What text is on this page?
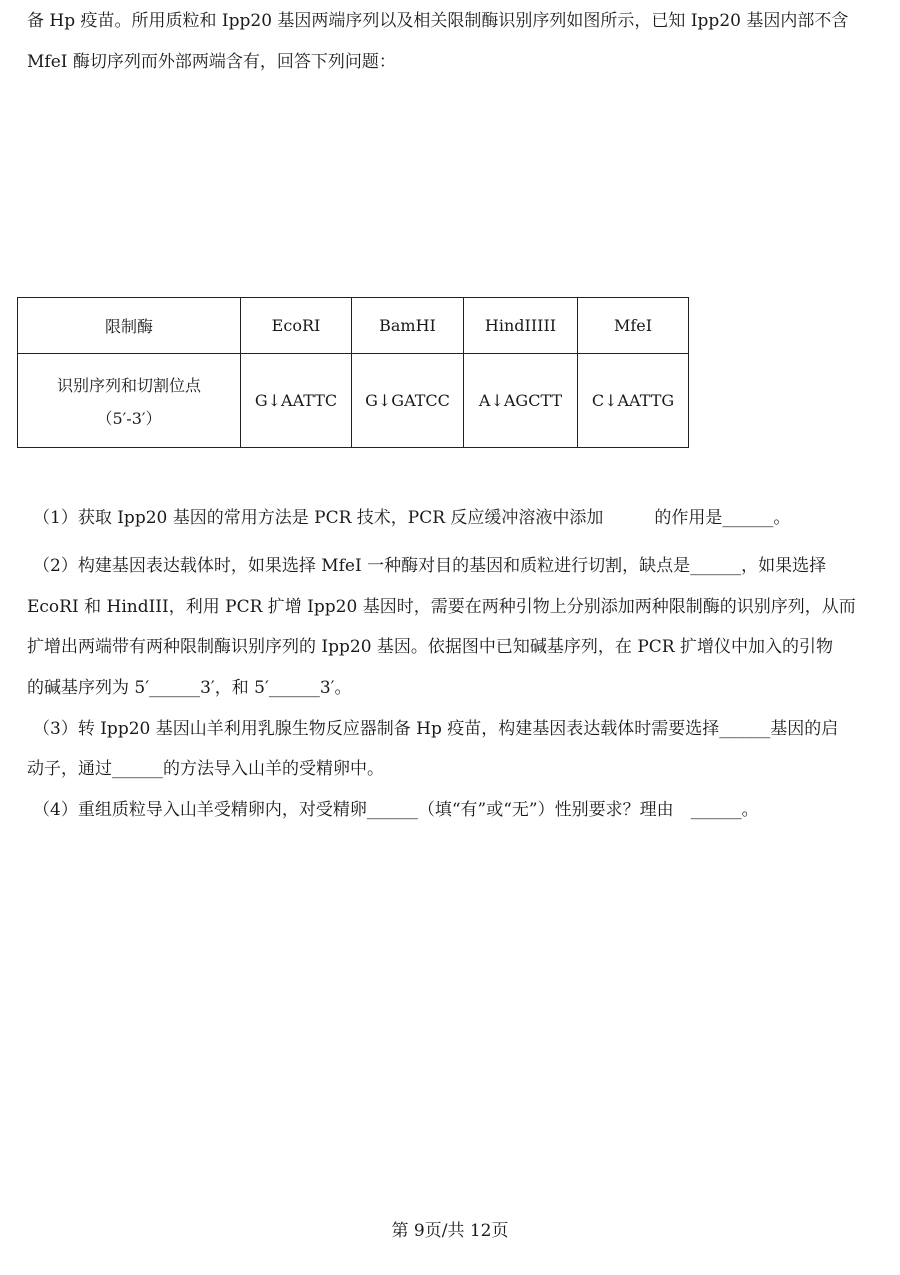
备 Hp 疫苗。所用质粒和 Ipp20 基因两端序列以及相关限制酶识别序列如图所示，已知 Ipp20 基因内部不含
MfeI 酶切序列而外部两端含有，回答下列问题：
限制酶	EcoRI	BamHI	HindIIIII	MfeI
识别序列和切割位点
（5′-3′）	G↓AATTC	G↓GATCC	A↓AGCTT	C↓AATTG
（1）获取 Ipp20 基因的常用方法是 PCR 技术，PCR 反应缓冲溶液中添加　　　的作用是______。
（2）构建基因表达载体时，如果选择 MfeI 一种酶对目的基因和质粒进行切割，缺点是______，如果选择
EcoRI 和 HindIII，利用 PCR 扩增 Ipp20 基因时，需要在两种引物上分别添加两种限制酶的识别序列，从而
扩增出两端带有两种限制酶识别序列的 Ipp20 基因。依据图中已知碱基序列，在 PCR 扩增仪中加入的引物
的碱基序列为 5′______3′，和 5′______3′。
（3）转 Ipp20 基因山羊利用乳腺生物反应器制备 Hp 疫苗，构建基因表达载体时需要选择______基因的启
动子，通过______的方法导入山羊的受精卵中。
（4）重组质粒导入山羊受精卵内，对受精卵______（填“有”或“无”）性别要求？理由　______。
第 9页/共 12页
